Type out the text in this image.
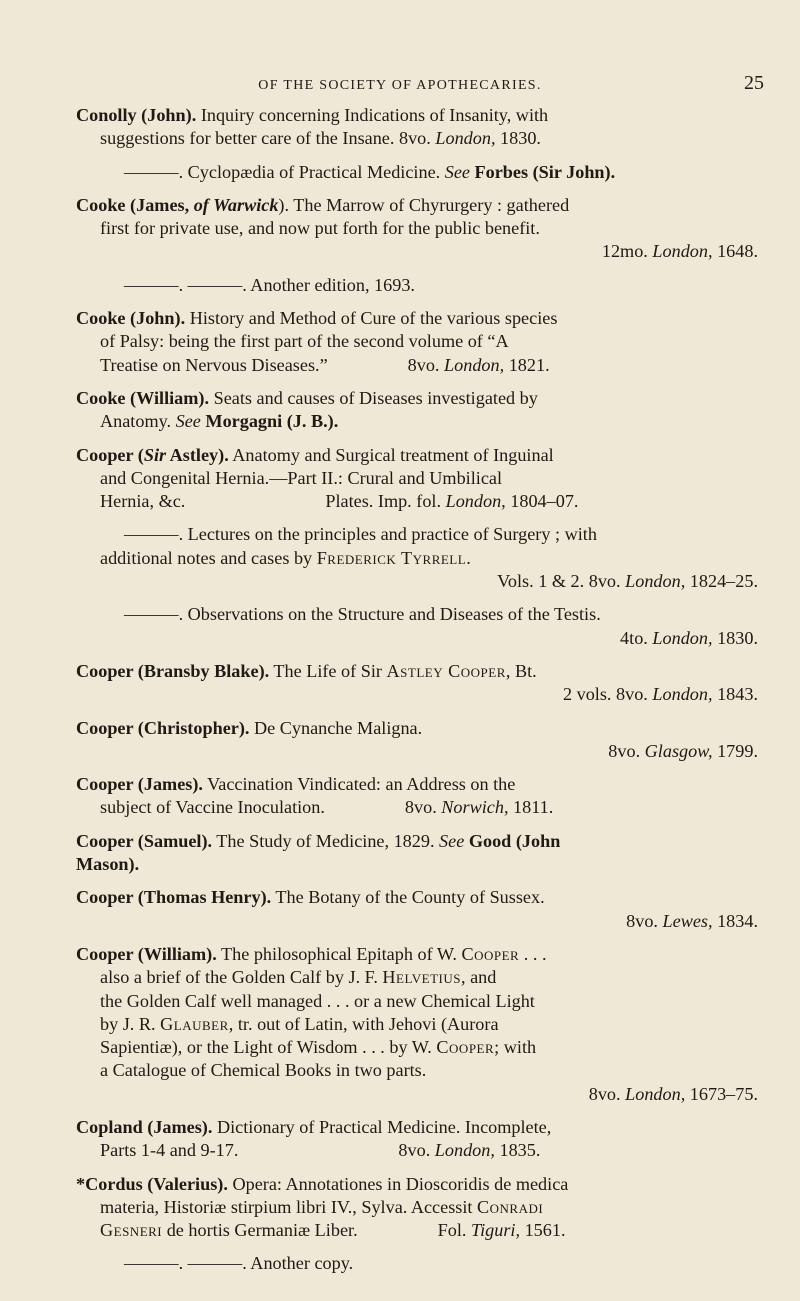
OF THE SOCIETY OF APOTHECARIES.	25
Conolly (John). Inquiry concerning Indications of Insanity, with
suggestions for better care of the Insane. 8vo. London, 1830.
———. Cyclopædia of Practical Medicine. See Forbes (Sir John).
Cooke (James, of Warwick). The Marrow of Chyrurgery : gathered
first for private use, and now put forth for the public benefit.
12mo. London, 1648.
———. ———. Another edition, 1693.
Cooke (John). History and Method of Cure of the various species
of Palsy: being the first part of the second volume of “A
Treatise on Nervous Diseases.”	8vo. London, 1821.
Cooke (William). Seats and causes of Diseases investigated by
Anatomy. See Morgagni (J. B.).
Cooper (Sir Astley). Anatomy and Surgical treatment of Inguinal
and Congenital Hernia.—Part II.: Crural and Umbilical
Hernia, &c.	Plates. Imp. fol. London, 1804–07.
———. Lectures on the principles and practice of Surgery ; with
additional notes and cases by Frederick Tyrrell.
Vols. 1 & 2. 8vo. London, 1824–25.
———. Observations on the Structure and Diseases of the Testis.
4to. London, 1830.
Cooper (Bransby Blake). The Life of Sir Astley Cooper, Bt.
2 vols. 8vo. London, 1843.
Cooper (Christopher). De Cynanche Maligna.
8vo. Glasgow, 1799.
Cooper (James). Vaccination Vindicated: an Address on the
subject of Vaccine Inoculation.	8vo. Norwich, 1811.
Cooper (Samuel). The Study of Medicine, 1829. See Good (John
Mason).
Cooper (Thomas Henry). The Botany of the County of Sussex.
8vo. Lewes, 1834.
Cooper (William). The philosophical Epitaph of W. Cooper . . .
also a brief of the Golden Calf by J. F. Helvetius, and
the Golden Calf well managed . . . or a new Chemical Light
by J. R. Glauber, tr. out of Latin, with Jehovi (Aurora
Sapientiæ), or the Light of Wisdom . . . by W. Cooper; with
a Catalogue of Chemical Books in two parts.
8vo. London, 1673–75.
Copland (James). Dictionary of Practical Medicine. Incomplete,
Parts 1-4 and 9-17.	8vo. London, 1835.
*Cordus (Valerius). Opera: Annotationes in Dioscoridis de medica
materia, Historiæ stirpium libri IV., Sylva. Accessit Conradi
Gesneri de hortis Germaniæ Liber.	Fol. Tiguri, 1561.
———. ———. Another copy.
